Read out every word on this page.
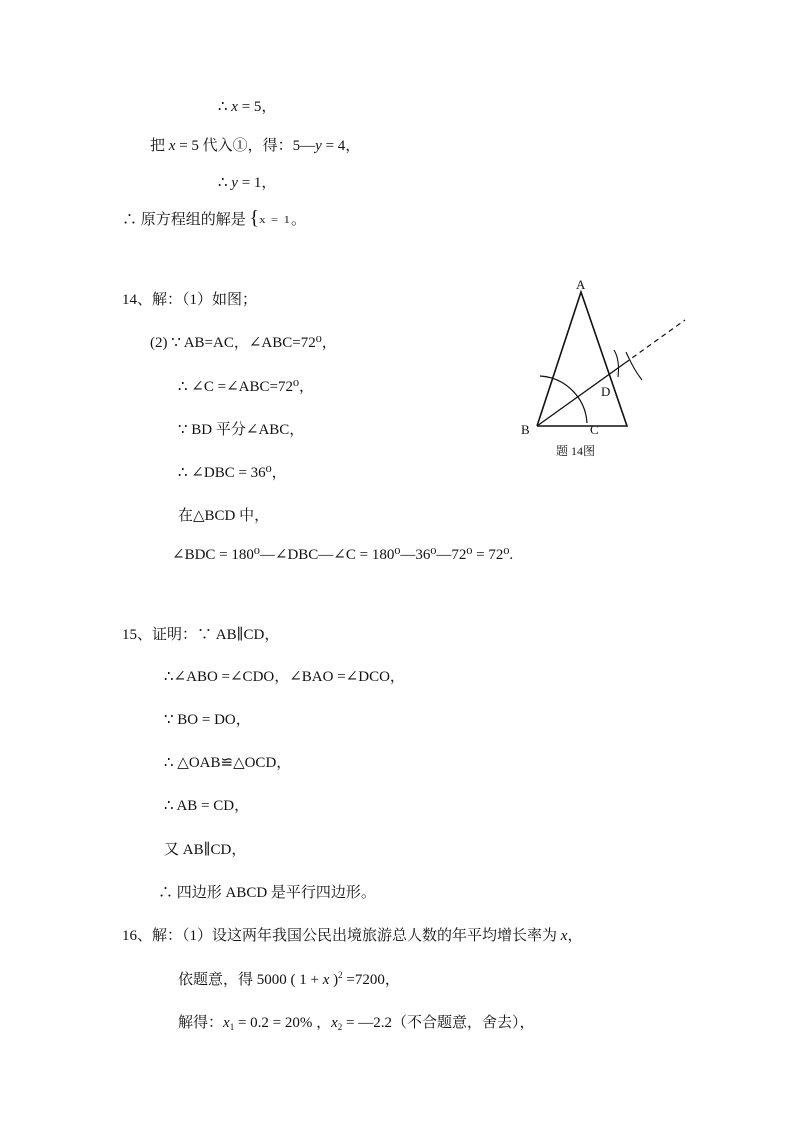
∴ x = 5，
把 x = 5 代入①，得：5—y = 4，
∴ y = 1，
∴ 原方程组的解是 {x = 1。
14、解：（1）如图；
(2) ∵ AB=AC，∠ABC=72⁰，
∴ ∠C =∠ABC=72⁰，
∵ BD 平分∠ABC，
∴ ∠DBC = 36⁰，
在△BCD 中，
∠BDC = 180⁰—∠DBC—∠C = 180⁰—36⁰—72⁰ = 72⁰.
A
B	C
D
题 14图
15、证明：∵ AB∥CD，
∴∠ABO =∠CDO，∠BAO =∠DCO，
∵ BO = DO，
∴ △OAB≌△OCD，
∴ AB = CD，
又 AB∥CD，
∴ 四边形 ABCD 是平行四边形。
16、解：（1）设这两年我国公民出境旅游总人数的年平均增长率为 x，
依题意，得 5000 ( 1 + x )$^2$ =7200，
解得：$x_1 = 0.2 = 20\%$ ，$x_2$ = —2.2（不合题意，舍去），
